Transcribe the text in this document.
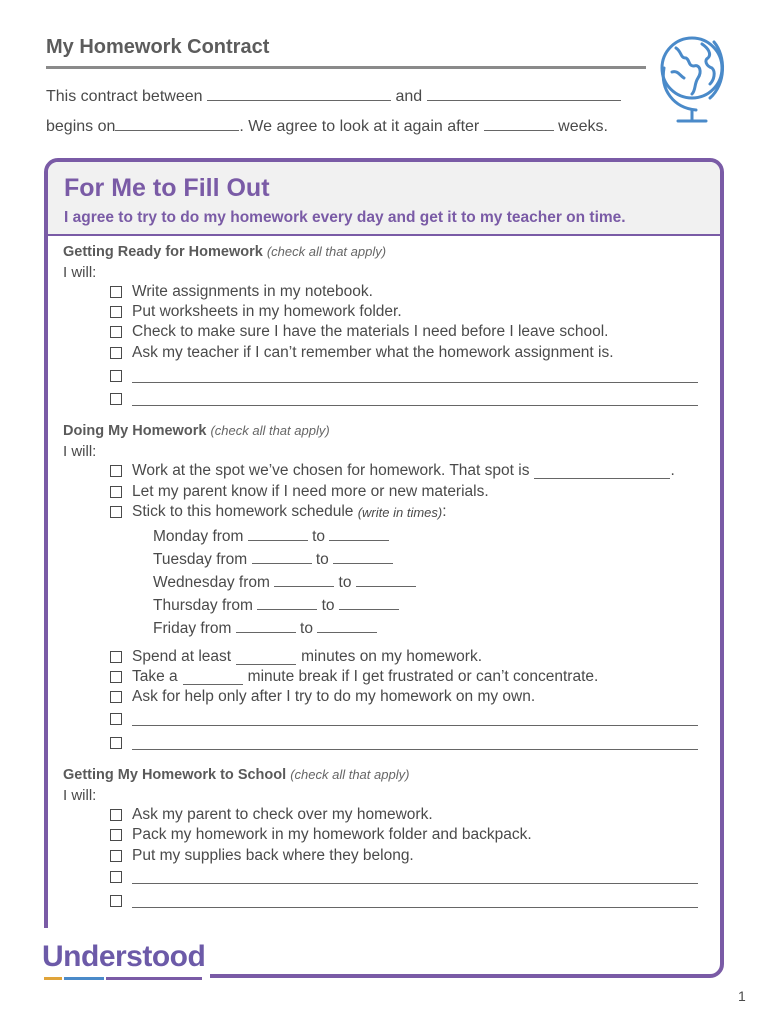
My Homework Contract
This contract between	and
begins on	. We agree to look at it again after	weeks.
For Me to Fill Out
I agree to try to do my homework every day and get it to my teacher on time.
Getting Ready for Homework (check all that apply)
I will:
Write assignments in my notebook.
Put worksheets in my homework folder.
Check to make sure I have the materials I need before I leave school.
Ask my teacher if I can’t remember what the homework assignment is.
Doing My Homework (check all that apply)
I will:
Work at the spot we’ve chosen for homework. That spot is	.
Let my parent know if I need more or new materials.
Stick to this homework schedule
(write in times) :
Monday from	to
Tuesday from	to
Wednesday from	to
Thursday from	to
Friday from	to
Spend at least	minutes on my homework.
Take a	minute break if I get frustrated or can’t concentrate.
Ask for help only after I try to do my homework on my own.
Getting My Homework to School (check all that apply)
I will:
Ask my parent to check over my homework.
Pack my homework in my homework folder and backpack.
Put my supplies back where they belong.
Understood
1
